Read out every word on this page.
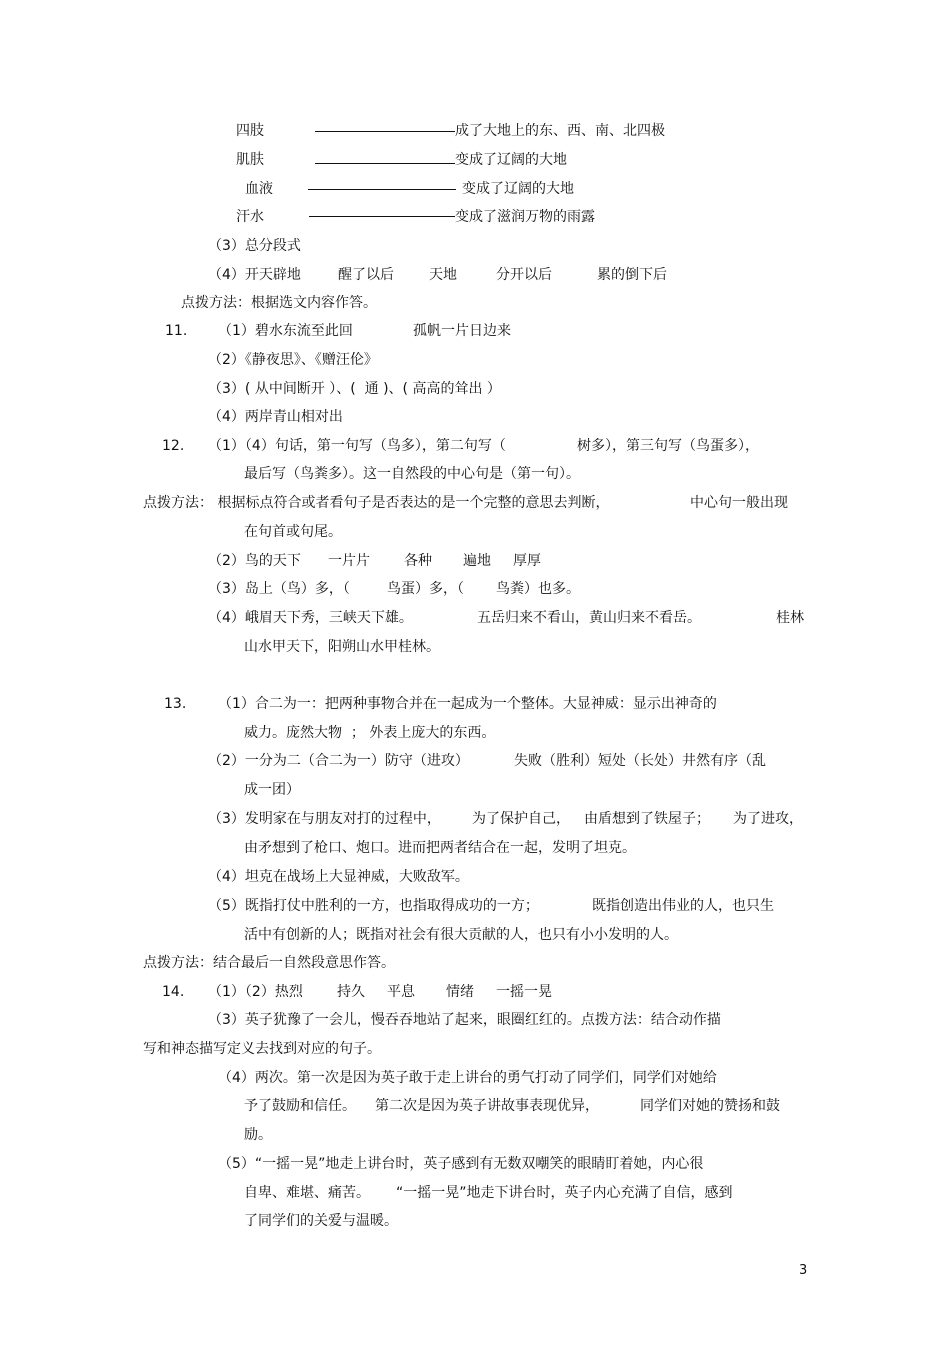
四肢	成了大地上的东、西、南、北四极
肌肤	变成了辽阔的大地
血液	变成了辽阔的大地
汗水	变成了滋润万物的雨露
（3）总分段式
（4）开天辟地	醒了以后	天地	分开以后	累的倒下后
点拨方法：根据选文内容作答。
11. （1）碧水东流至此回	孤帆一片日边来
（2）《静夜思》、《赠汪伦》
（3）( 从中间断开 ）、(  通 )、( 高高的耸出 ）
（4）两岸青山相对出
12. （1）（4）句话，第一句写（鸟多），第二句写（	树多），第三句写（鸟蛋多），
最后写（鸟粪多）。这一自然段的中心句是（第一句）。
点拨方法： 根据标点符合或者看句子是否表达的是一个完整的意思去判断，	中心句一般出现
在句首或句尾。
（2）鸟的天下 一片片 各种 遍地 厚厚
（3）岛上（鸟）多，（	鸟蛋）多，（ 鸟粪）也多。
（4）峨眉天下秀，三峡天下雄。	五岳归来不看山，黄山归来不看岳。	桂林
山水甲天下，阳朔山水甲桂林。
13. （1）合二为一：把两种事物合并在一起成为一个整体。大显神威：显示出神奇的
威力。庞然大物  ； 外表上庞大的东西。
（2）一分为二（合二为一）防守（进攻）	失败（胜利）短处（长处）井然有序（乱
成一团）
（3）发明家在与朋友对打的过程中， 为了保护自己， 由盾想到了铁屋子； 为了进攻，
由矛想到了枪口、炮口。进而把两者结合在一起，发明了坦克。
（4）坦克在战场上大显神威，大败敌军。
（5）既指打仗中胜利的一方，也指取得成功的一方；	既指创造出伟业的人，也只生
活中有创新的人；既指对社会有很大贡献的人，也只有小小发明的人。
点拨方法：结合最后一自然段意思作答。
14. （1）（2）热烈 持久 平息 情绪 一摇一晃
（3）英子犹豫了一会儿，慢吞吞地站了起来，眼圈红红的。点拨方法：结合动作描
写和神态描写定义去找到对应的句子。
（4）两次。第一次是因为英子敢于走上讲台的勇气打动了同学们，同学们对她给
予了鼓励和信任。 第二次是因为英子讲故事表现优异，	同学们对她的赞扬和鼓
励。
（5）“一摇一晃”地走上讲台时，英子感到有无数双嘲笑的眼睛盯着她，内心很
自卑、难堪、痛苦。 “一摇一晃”地走下讲台时，英子内心充满了自信，感到
了同学们的关爱与温暖。
3
